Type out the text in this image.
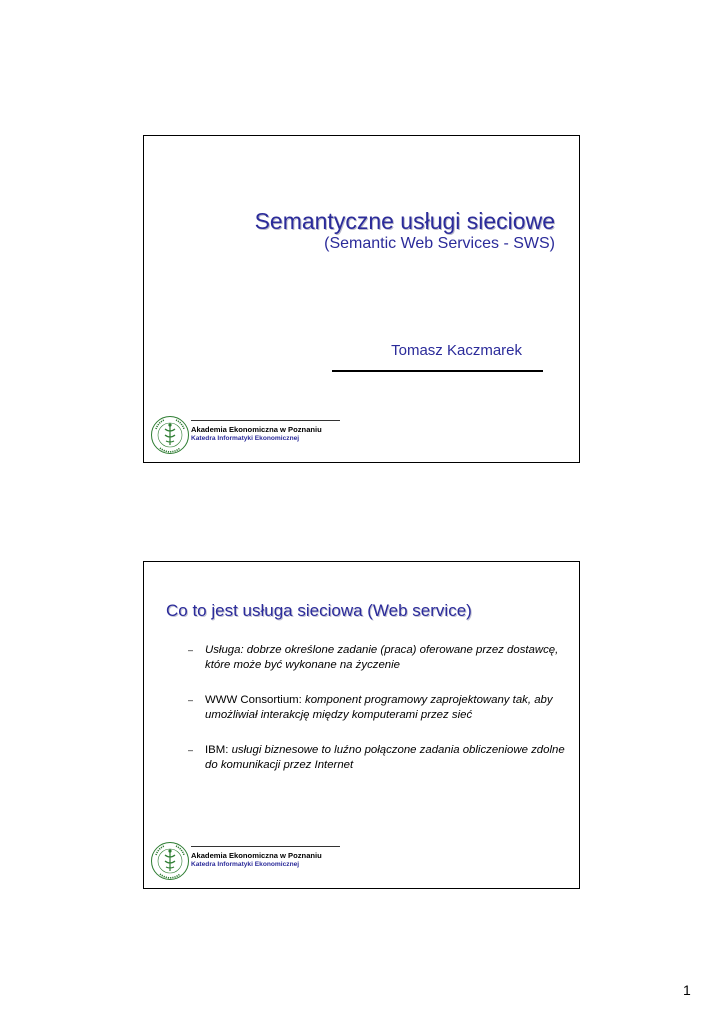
Semantyczne usługi sieciowe
(Semantic Web Services - SWS)
Tomasz Kaczmarek
Akademia Ekonomiczna w Poznaniu
Katedra Informatyki Ekonomicznej
Co to jest usługa sieciowa (Web service)
– Usługa: dobrze określone zadanie (praca) oferowane przez dostawcę, które może być wykonane na życzenie
– WWW Consortium: komponent programowy zaprojektowany tak, aby umożliwiał interakcję między komputerami przez sieć
– IBM: usługi biznesowe to luźno połączone zadania obliczeniowe zdolne do komunikacji przez Internet
Akademia Ekonomiczna w Poznaniu
Katedra Informatyki Ekonomicznej
1
